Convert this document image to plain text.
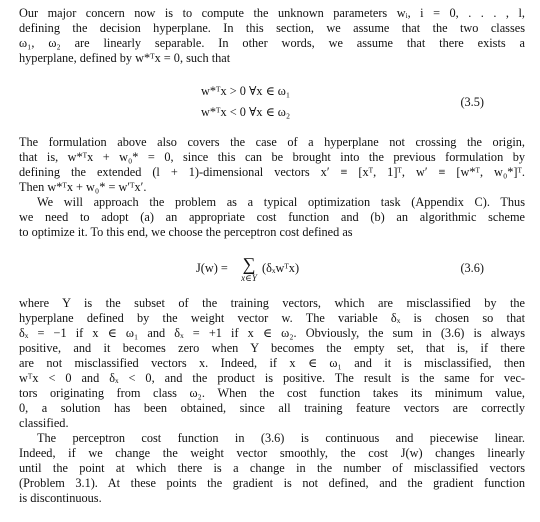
Our major concern now is to compute the unknown parameters wᵢ, i = 0, . . . , l,
defining the decision hyperplane. In this section, we assume that the two classes
ω₁, ω₂ are linearly separable. In other words, we assume that there exists a
hyperplane, defined by w*ᵀx = 0, such that
w*ᵀx > 0 ∀x ∈ ω₁
w*ᵀx < 0 ∀x ∈ ω₂
(3.5)
The formulation above also covers the case of a hyperplane not crossing the origin,
that is, w*ᵀx + w₀* = 0, since this can be brought into the previous formulation by
defining the extended (l + 1)-dimensional vectors x′ ≡ [xᵀ, 1]ᵀ, w′ ≡ [w*ᵀ, w₀*]ᵀ.
Then w*ᵀx + w₀* = w′ᵀx′.
We will approach the problem as a typical optimization task (Appendix C). Thus
we need to adopt (a) an appropriate cost function and (b) an algorithmic scheme
to optimize it. To this end, we choose the perceptron cost defined as
J(w) = ∑
x∈Y
(δₓwᵀx)	(3.6)
where Y is the subset of the training vectors, which are misclassified by the
hyperplane defined by the weight vector w. The variable δₓ is chosen so that
δₓ = −1 if x ∈ ω₁ and δₓ = +1 if x ∈ ω₂. Obviously, the sum in (3.6) is always
positive, and it becomes zero when Y becomes the empty set, that is, if there
are not misclassified vectors x. Indeed, if x ∈ ω₁ and it is misclassified, then
wᵀx < 0 and δₓ < 0, and the product is positive. The result is the same for vec-
tors originating from class ω₂. When the cost function takes its minimum value,
0, a solution has been obtained, since all training feature vectors are correctly
classified.
The perceptron cost function in (3.6) is continuous and piecewise linear.
Indeed, if we change the weight vector smoothly, the cost J(w) changes linearly
until the point at which there is a change in the number of misclassified vectors
(Problem 3.1). At these points the gradient is not defined, and the gradient function
is discontinuous.
